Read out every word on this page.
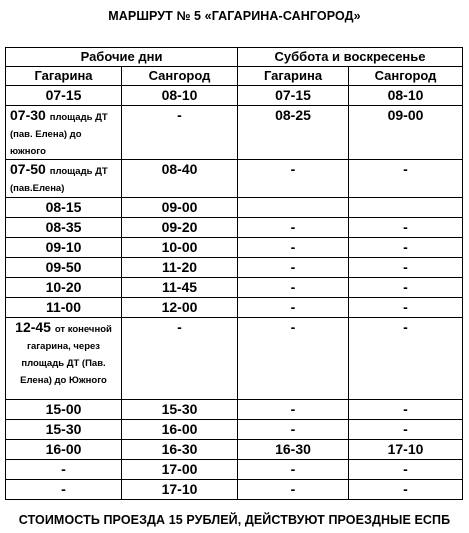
МАРШРУТ № 5 «ГАГАРИНА-САНГОРОД»
Рабочие дни		Суббота и воскресенье	
Гагарина	Сангород	Гагарина	Сангород
07-15	08-10	07-15	08-10
07-30 площадь ДТ (пав. Елена) до южного	-	08-25	09-00
07-50 площадь ДТ (пав.Елена)	08-40	-	-
08-15	09-00		
08-35	09-20	-	-
09-10	10-00	-	-
09-50	11-20	-	-
10-20	11-45	-	-
11-00	12-00	-	-
12-45 от конечной гагарина, через площадь ДТ (Пав. Елена) до Южного	-	-	-
15-00	15-30	-	-
15-30	16-00	-	-
16-00	16-30	16-30	17-10
-	17-00	-	-
-	17-10	-	-
СТОИМОСТЬ ПРОЕЗДА 15 РУБЛЕЙ, ДЕЙСТВУЮТ ПРОЕЗДНЫЕ ЕСПБ
